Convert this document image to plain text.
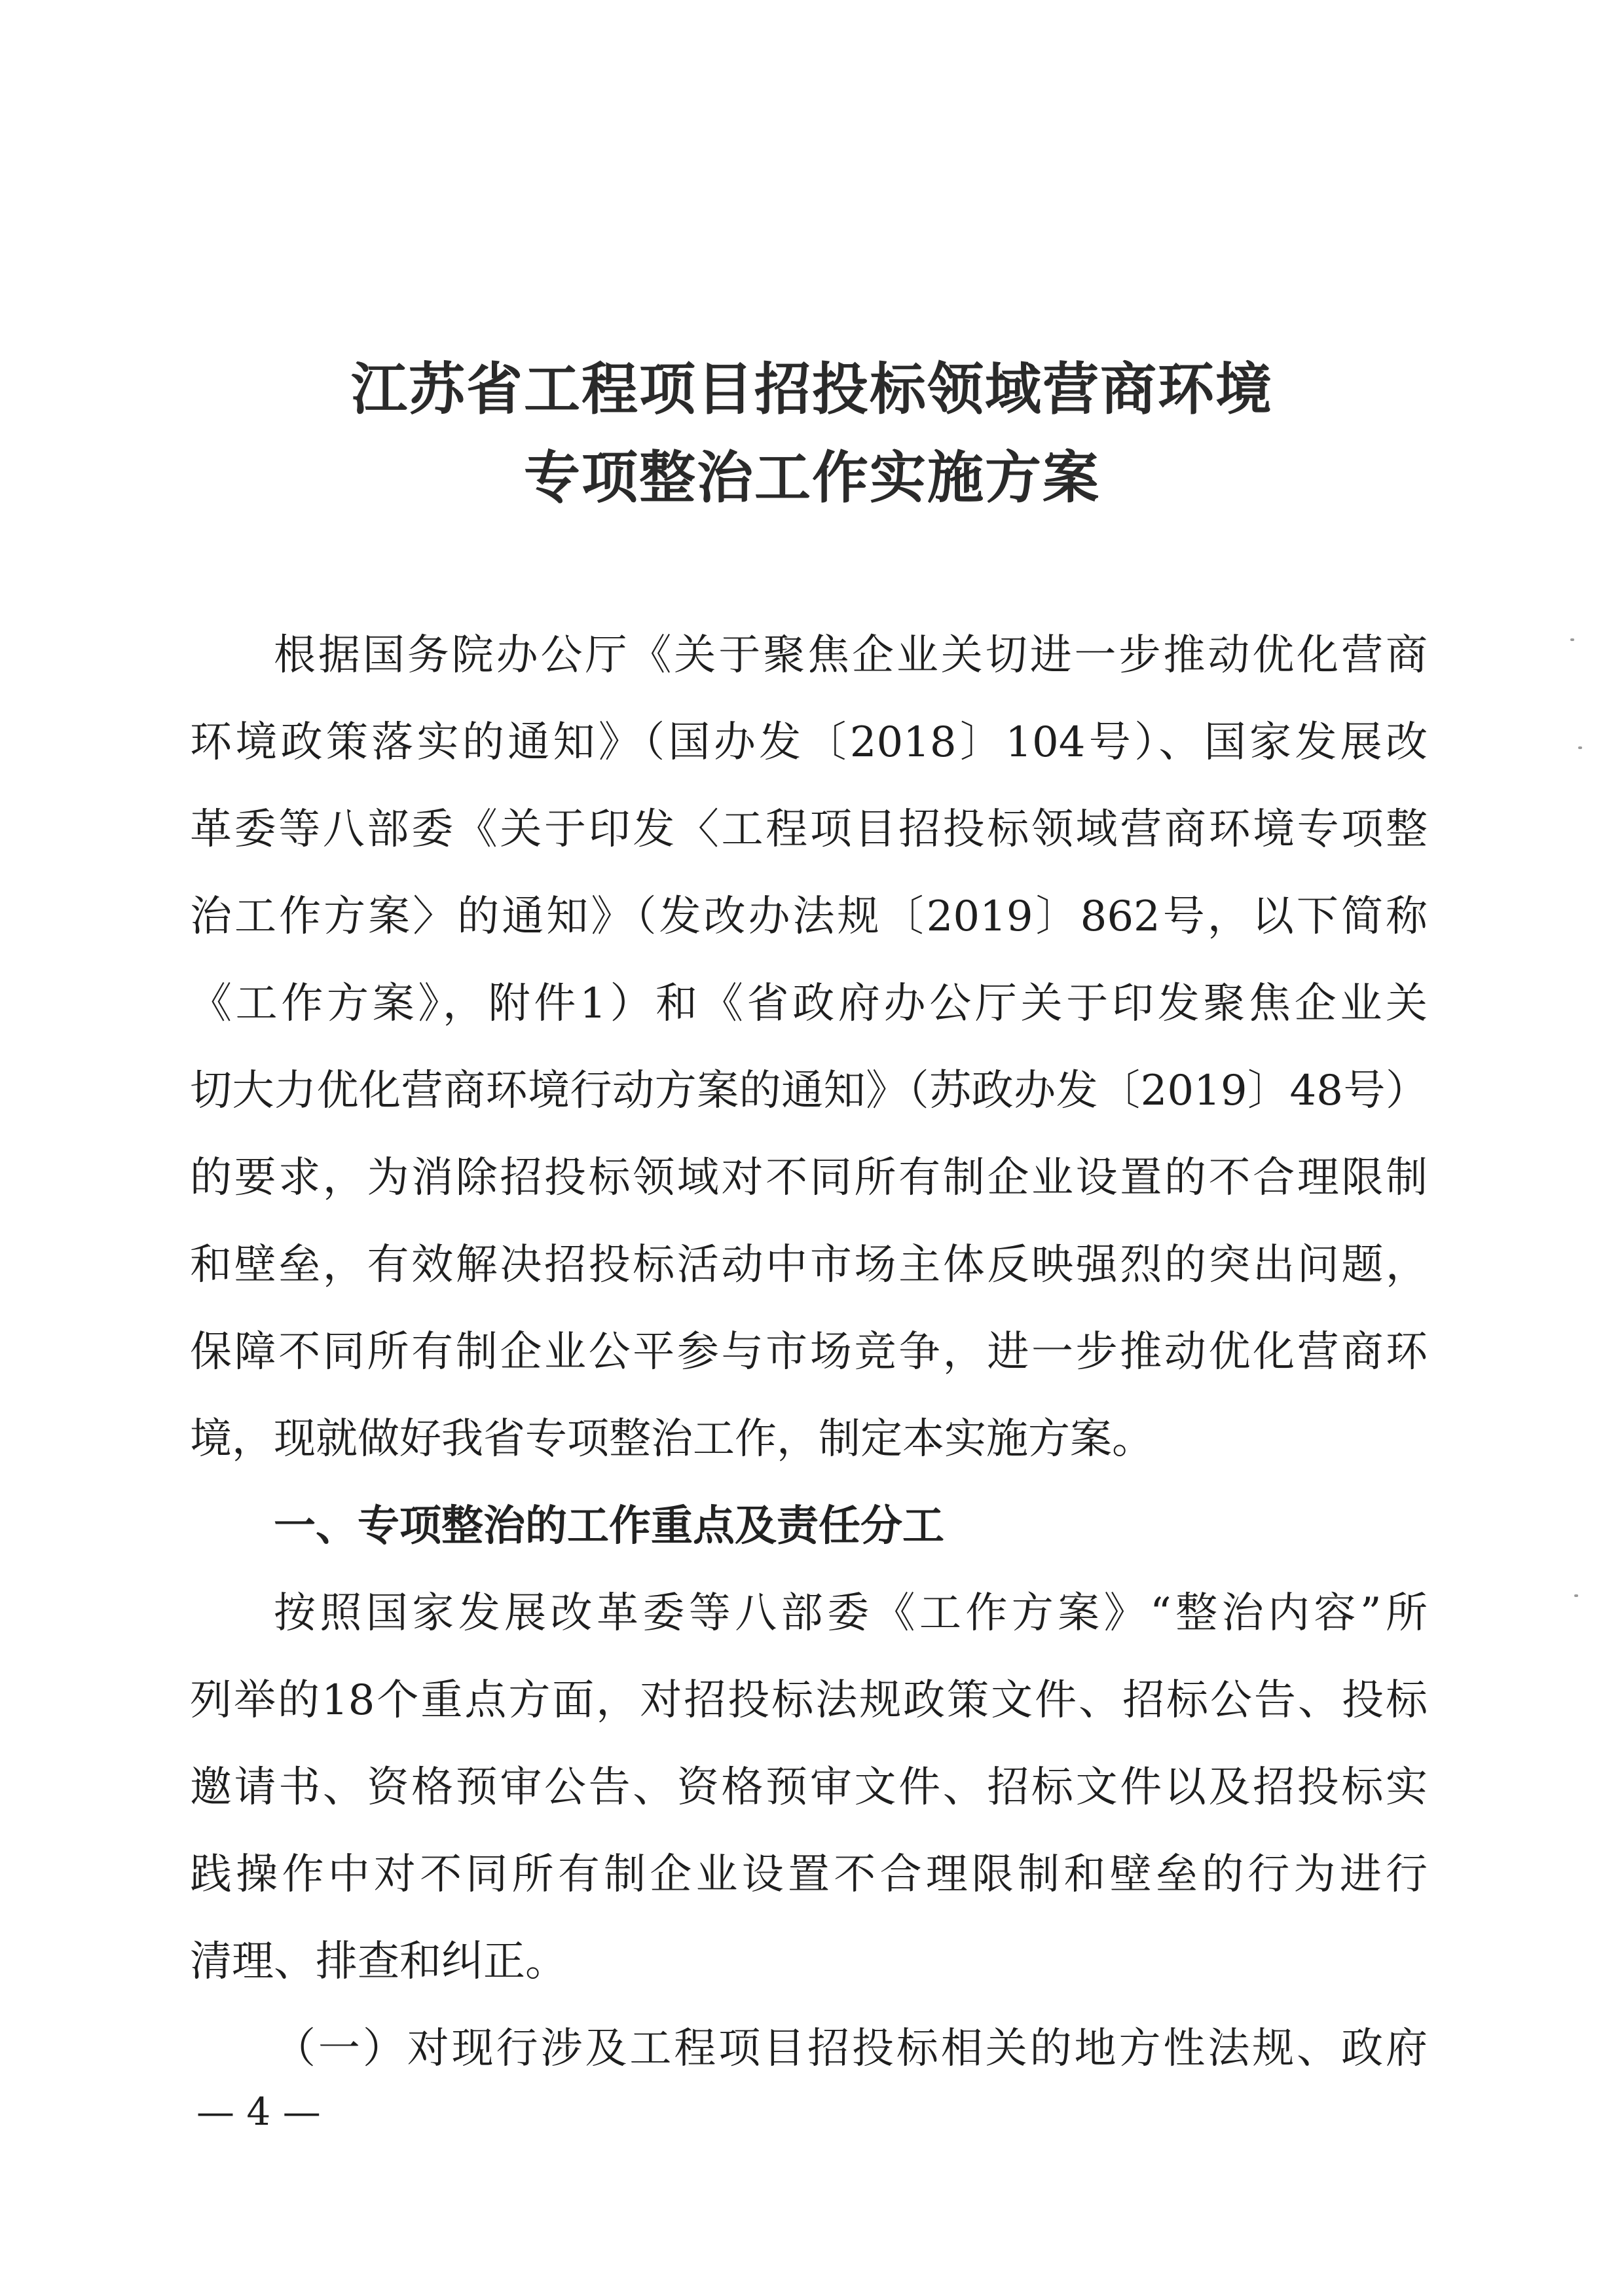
江苏省工程项目招投标领域营商环境
专项整治工作实施方案
根据国务院办公厅《关于聚焦企业关切进一步推动优化营商
环境政策落实的通知》（国办发〔2018〕104号）、国家发展改
革委等八部委《关于印发〈工程项目招投标领域营商环境专项整
治工作方案〉的通知》（发改办法规〔2019〕862号，以下简称
《工作方案》，附件1）和《省政府办公厅关于印发聚焦企业关
切大力优化营商环境行动方案的通知》（苏政办发〔2019〕48号）
的要求，为消除招投标领域对不同所有制企业设置的不合理限制
和壁垒，有效解决招投标活动中市场主体反映强烈的突出问题，
保障不同所有制企业公平参与市场竞争，进一步推动优化营商环
境，现就做好我省专项整治工作，制定本实施方案。
一、专项整治的工作重点及责任分工
按照国家发展改革委等八部委《工作方案》“整治内容”所
列举的18个重点方面，对招投标法规政策文件、招标公告、投标
邀请书、资格预审公告、资格预审文件、招标文件以及招投标实
践操作中对不同所有制企业设置不合理限制和壁垒的行为进行
清理、排查和纠正。
（一）对现行涉及工程项目招投标相关的地方性法规、政府
— 4 —
